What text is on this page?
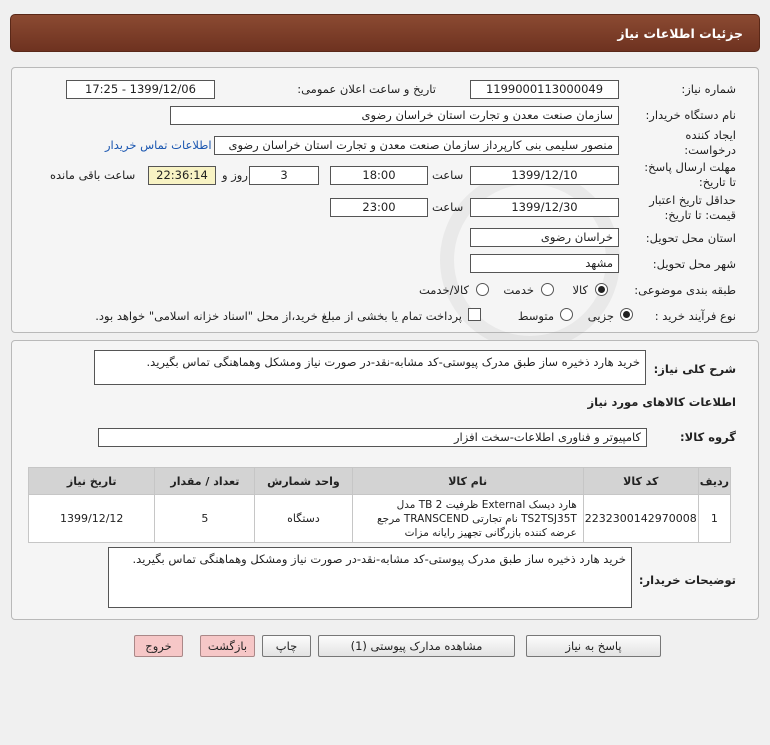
جزئیات اطلاعات نیاز
شماره نیاز:
1199000113000049
تاریخ و ساعت اعلان عمومی:
1399/12/06 - 17:25
نام دستگاه خریدار:
سازمان صنعت معدن و تجارت استان خراسان رضوی
ایجاد کننده درخواست:
منصور سلیمی بنی کارپرداز سازمان صنعت معدن و تجارت استان خراسان رضوی
اطلاعات تماس خریدار
مهلت ارسال پاسخ: تا تاریخ:
1399/12/10
ساعت
18:00
3
روز و
22:36:14
ساعت باقی مانده
حداقل تاریخ اعتبار قیمت: تا تاریخ:
1399/12/30
ساعت
23:00
استان محل تحویل:
خراسان رضوی
شهر محل تحویل:
مشهد
طبقه بندی موضوعی:
کالا
خدمت
کالا/خدمت
نوع فرآیند خرید :
جزیی
متوسط
پرداخت تمام یا بخشی از مبلغ خرید،از محل "اسناد خزانه اسلامی" خواهد بود.
شرح کلی نیاز:
خرید هارد ذخیره ساز طبق مدرک پیوستی-کد مشابه-نقد-در صورت نیاز ومشکل وهماهنگی تماس بگیرید.
اطلاعات کالاهای مورد نیاز
گروه کالا:
کامپیوتر و فناوری اطلاعات-سخت افزار
ردیف	کد کالا	نام کالا	واحد شمارش	تعداد / مقدار	تاریخ نیاز
1	2232300142970008	هارد دیسک External ظرفیت TB 2 مدل TS2TSJ35T نام تجارتی TRANSCEND مرجع عرضه کننده بازرگانی تجهیز رایانه مزات	دستگاه	5	1399/12/12
توضیحات خریدار:
خرید هارد ذخیره ساز طبق مدرک پیوستی-کد مشابه-نقد-در صورت نیاز ومشکل وهماهنگی تماس بگیرید.
پاسخ به نیاز
مشاهده مدارک پیوستی (1)
چاپ
بازگشت
خروج
